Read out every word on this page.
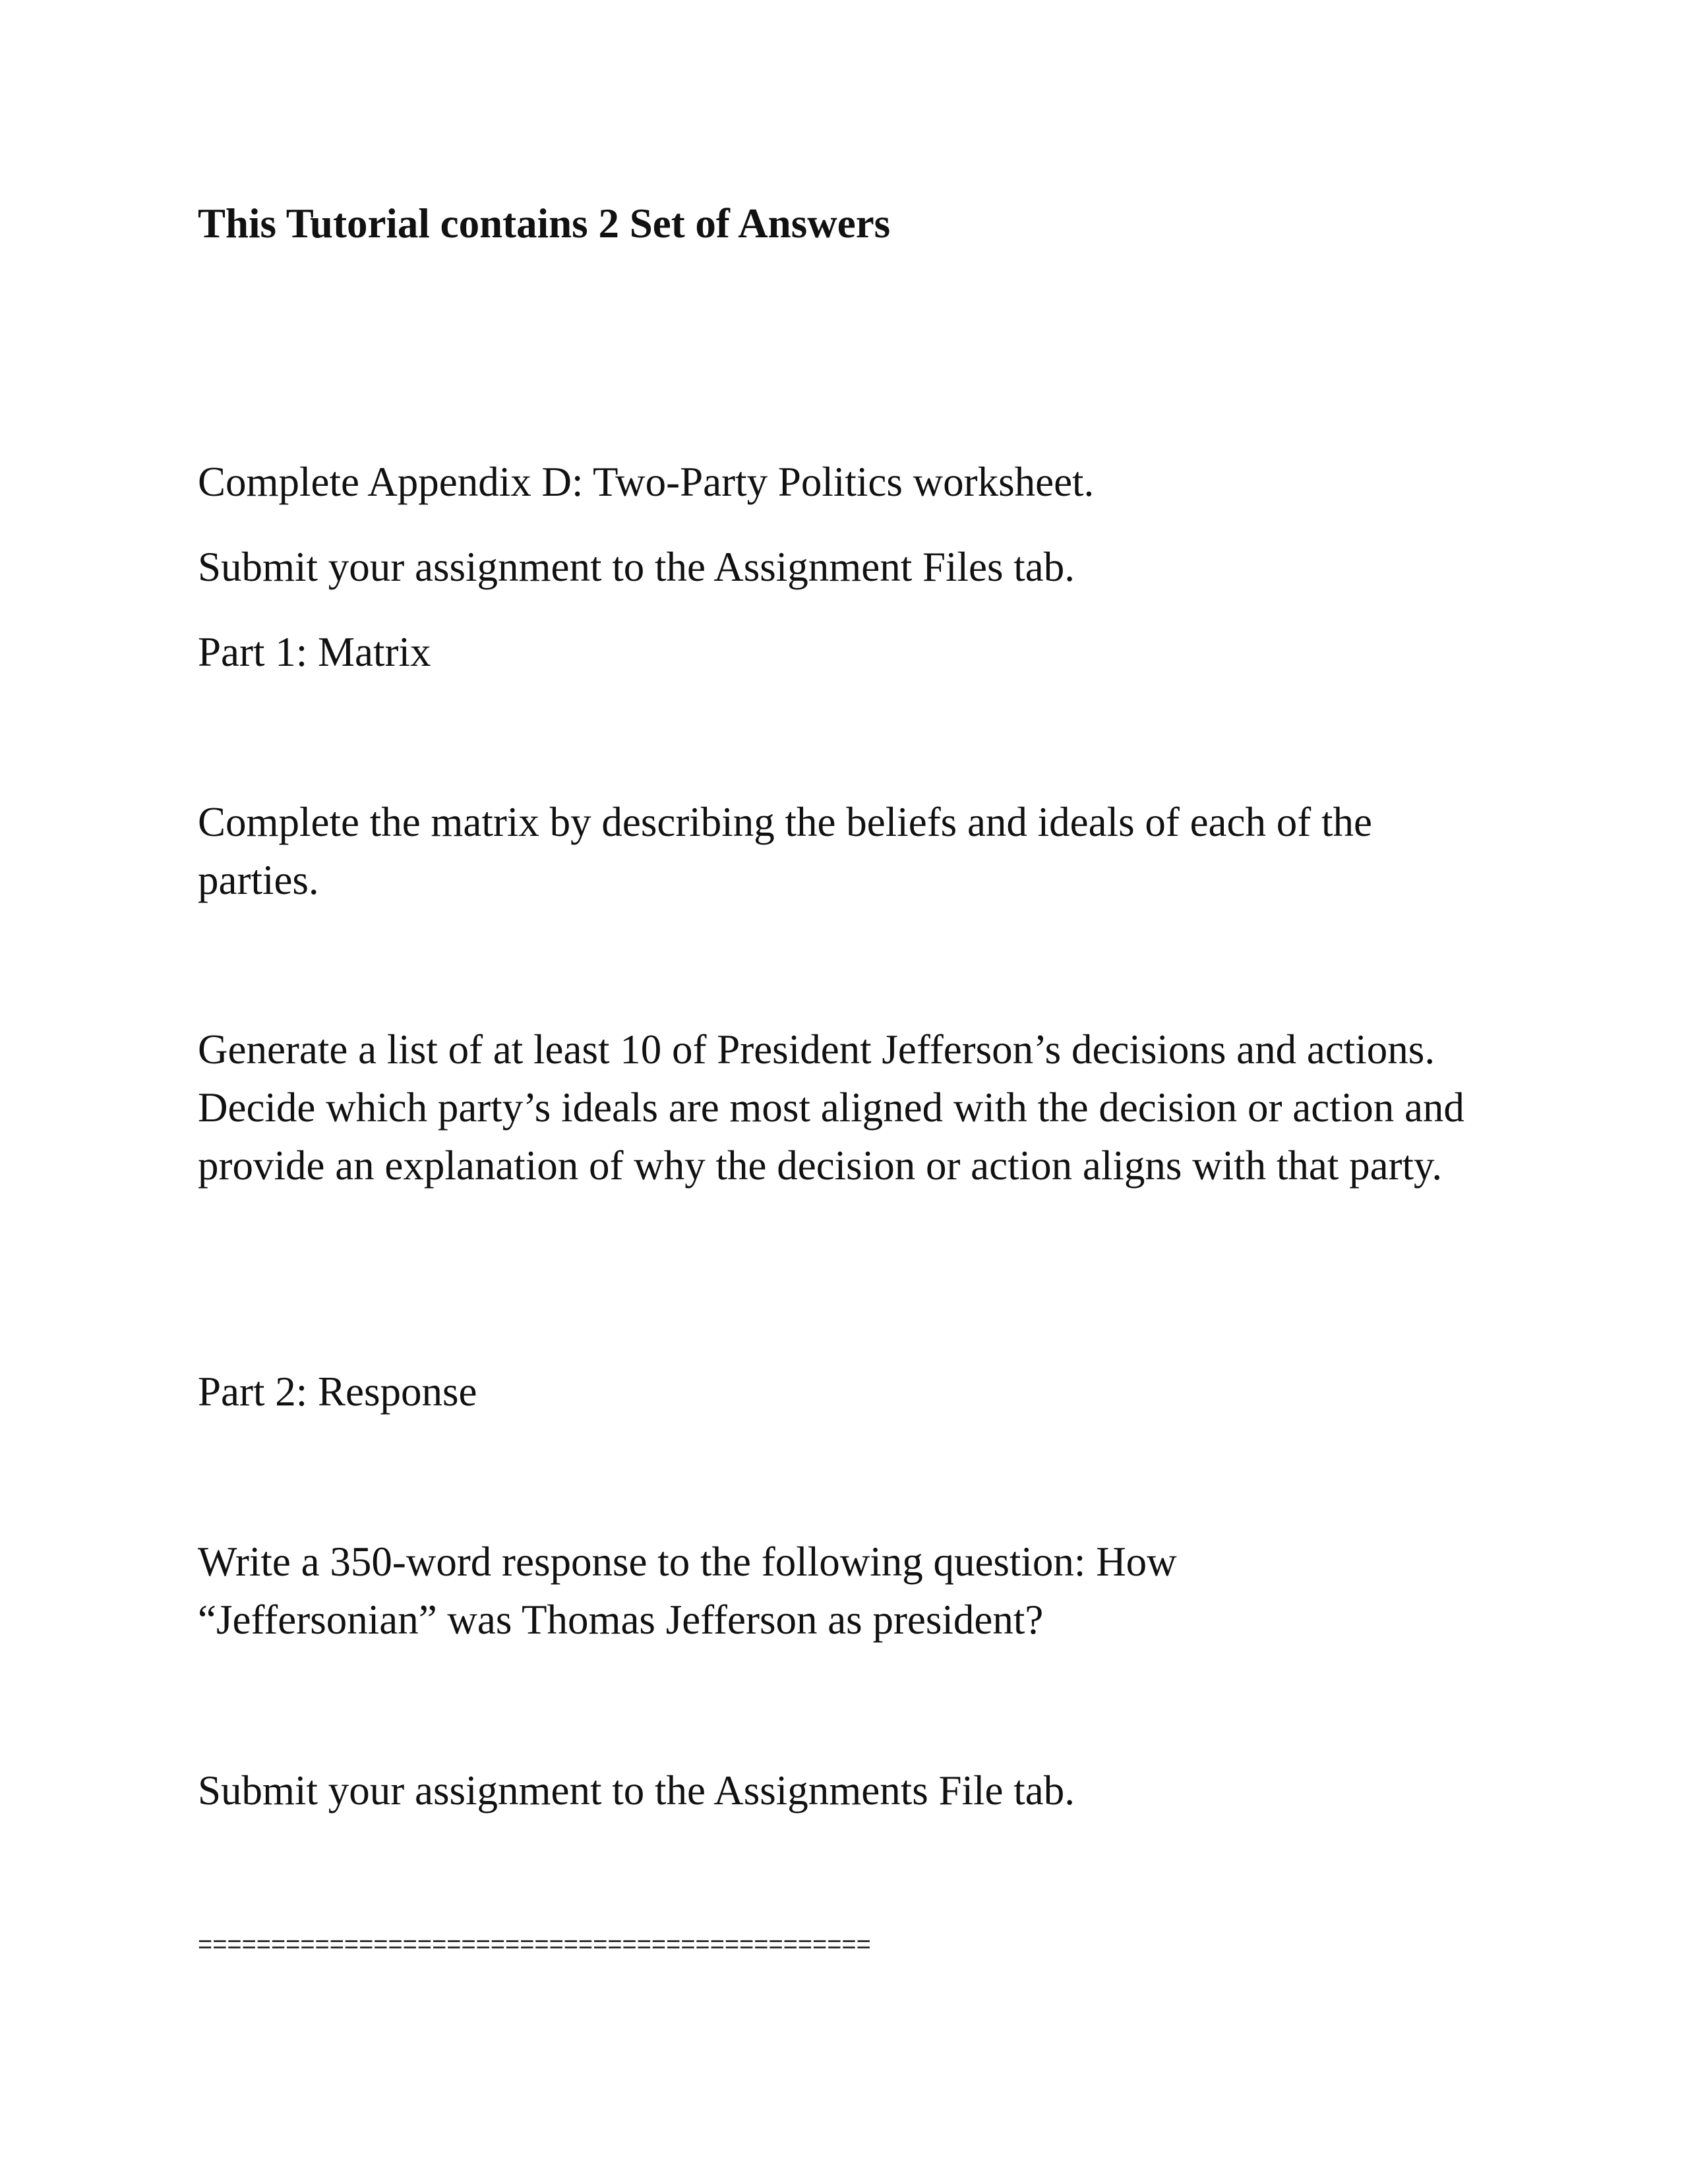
This Tutorial contains 2 Set of Answers

Complete Appendix D: Two-Party Politics worksheet.

Submit your assignment to the Assignment Files tab.

Part 1: Matrix

Complete the matrix by describing the beliefs and ideals of each of the parties.

Generate a list of at least 10 of President Jefferson’s decisions and actions. Decide which party’s ideals are most aligned with the decision or action and provide an explanation of why the decision or action aligns with that party.

Part 2: Response

Write a 350-word response to the following question: How “Jeffersonian” was Thomas Jefferson as president?

Submit your assignment to the Assignments File tab.

==============================================
